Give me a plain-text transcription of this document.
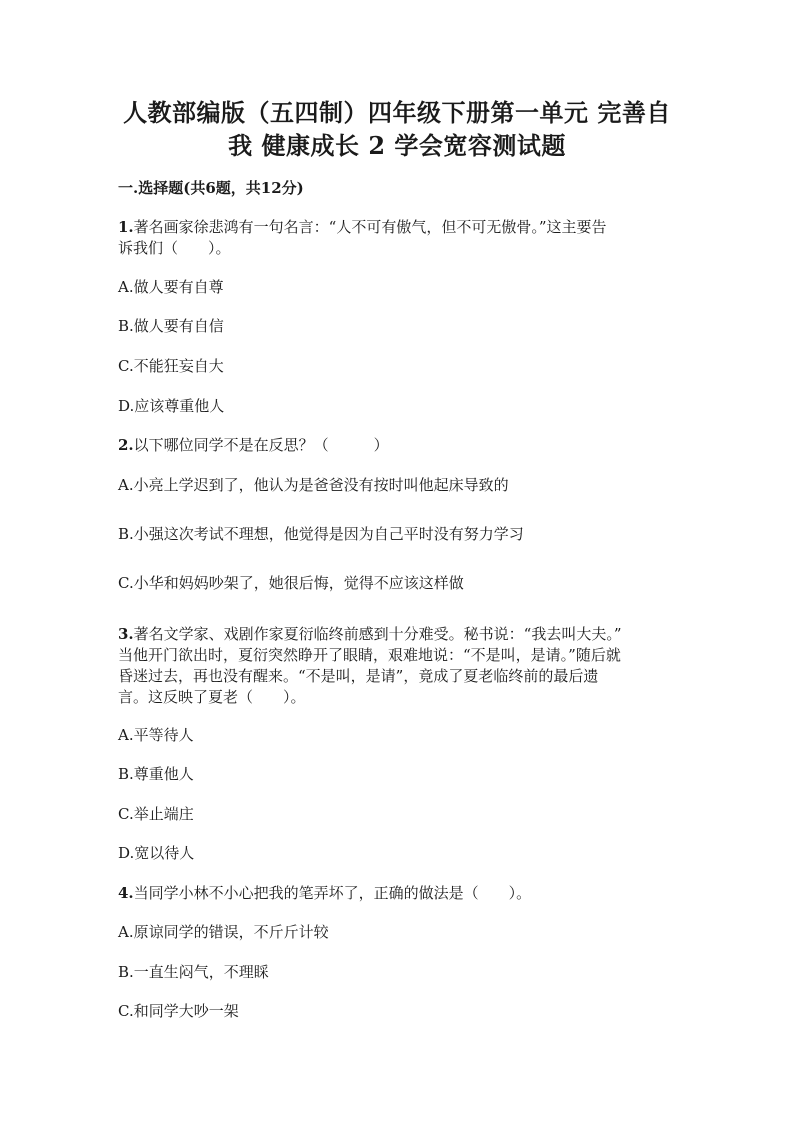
人教部编版（五四制）四年级下册第一单元 完善自
我 健康成长 2 学会宽容测试题
一.选择题(共6题，共12分)
1.著名画家徐悲鸿有一句名言：“人不可有傲气，但不可无傲骨。”这主要告
诉我们（　　）。
A.做人要有自尊
B.做人要有自信
C.不能狂妄自大
D.应该尊重他人
2.以下哪位同学不是在反思？（　　　）
A.小亮上学迟到了，他认为是爸爸没有按时叫他起床导致的
B.小强这次考试不理想，他觉得是因为自己平时没有努力学习
C.小华和妈妈吵架了，她很后悔，觉得不应该这样做
3.著名文学家、戏剧作家夏衍临终前感到十分难受。秘书说：“我去叫大夫。”
当他开门欲出时，夏衍突然睁开了眼睛，艰难地说：“不是叫，是请。”随后就
昏迷过去，再也没有醒来。“不是叫，是请”，竟成了夏老临终前的最后遗
言。这反映了夏老（　　）。
A.平等待人
B.尊重他人
C.举止端庄
D.宽以待人
4.当同学小林不小心把我的笔弄坏了，正确的做法是（　　）。
A.原谅同学的错误，不斤斤计较
B.一直生闷气，不理睬
C.和同学大吵一架
